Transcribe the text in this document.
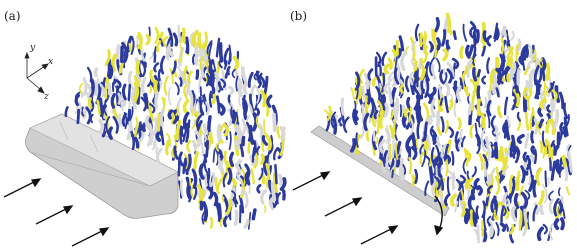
(a)
y
x
z
(b)
